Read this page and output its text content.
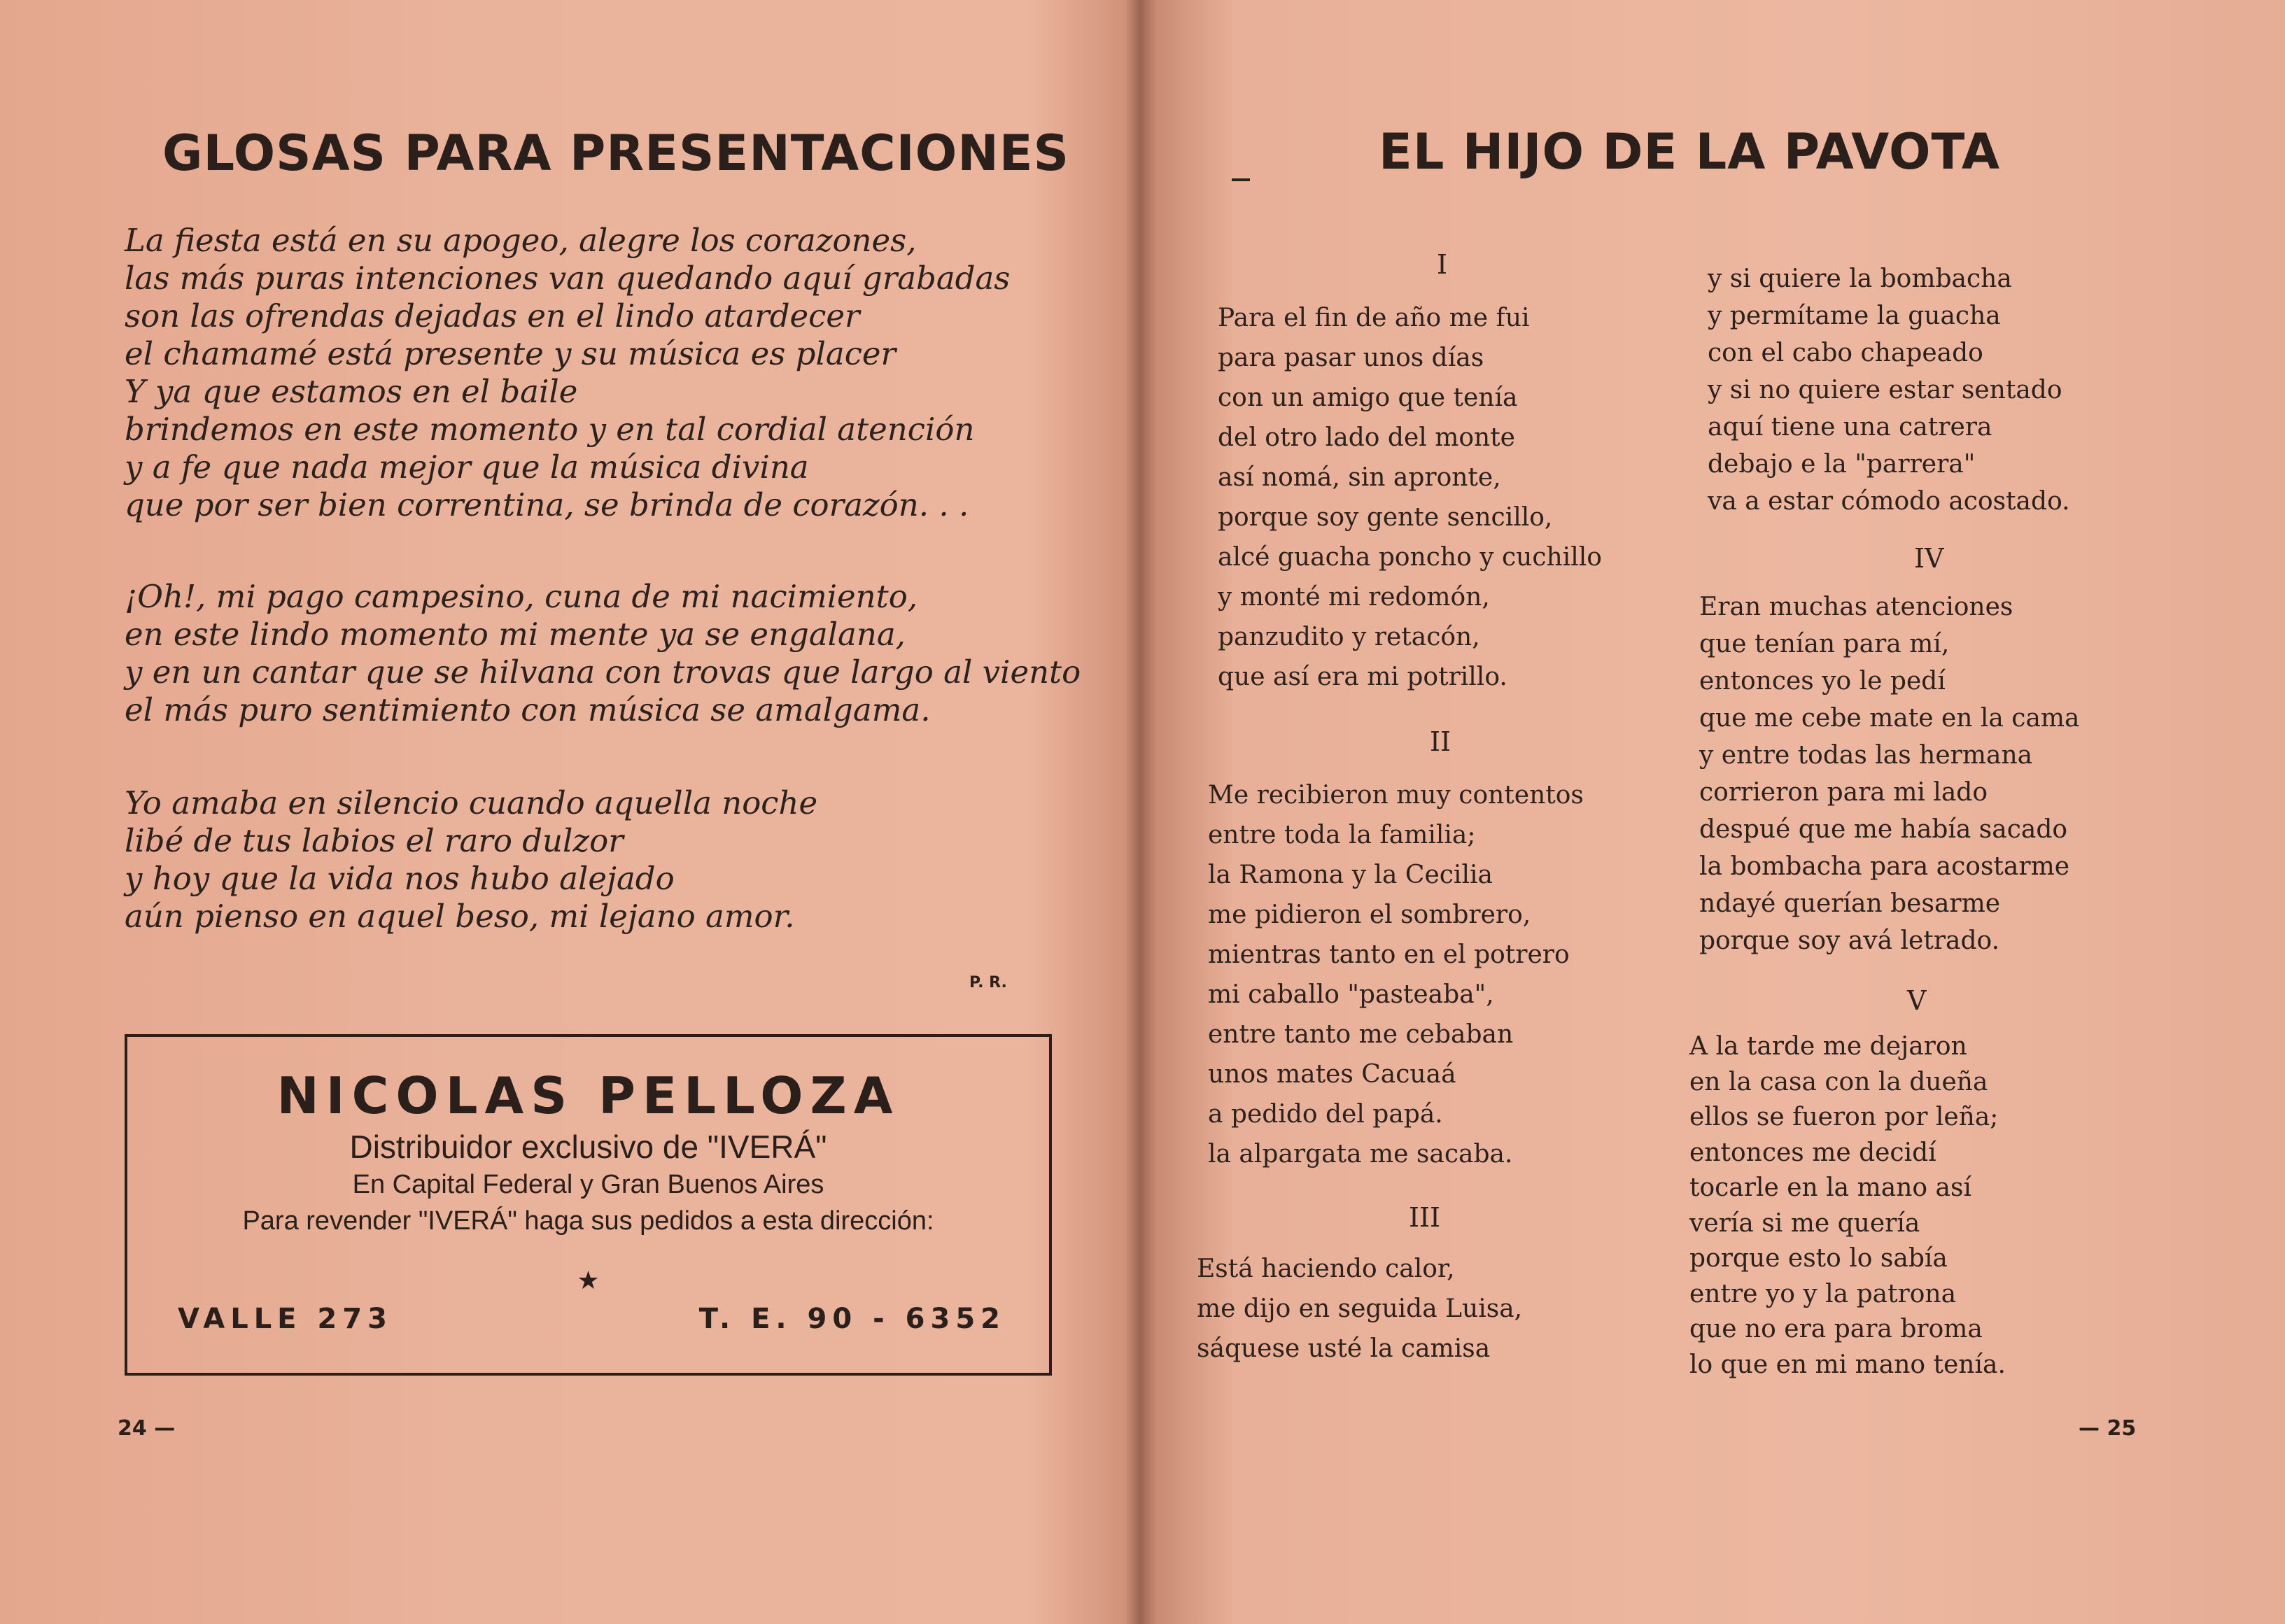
GLOSAS PARA PRESENTACIONES
La fiesta está en su apogeo, alegre los corazones,
las más puras intenciones van quedando aquí grabadas
son las ofrendas dejadas en el lindo atardecer
el chamamé está presente y su música es placer
Y ya que estamos en el baile
brindemos en este momento y en tal cordial atención
y a fe que nada mejor que la música divina
que por ser bien correntina, se brinda de corazón. . .
¡Oh!, mi pago campesino, cuna de mi nacimiento,
en este lindo momento mi mente ya se engalana,
y en un cantar que se hilvana con trovas que largo al viento
el más puro sentimiento con música se amalgama.
Yo amaba en silencio cuando aquella noche
libé de tus labios el raro dulzor
y hoy que la vida nos hubo alejado
aún pienso en aquel beso, mi lejano amor.
P. R.
NICOLAS PELLOZA
Distribuidor exclusivo de "IVERÁ"
En Capital Federal y Gran Buenos Aires
Para revender "IVERÁ" haga sus pedidos a esta dirección:
★
VALLE 273	T. E. 90 - 6352
24 —
EL HIJO DE LA PAVOTA
I
Para el fin de año me fui
para pasar unos días
con un amigo que tenía
del otro lado del monte
así nomá, sin apronte,
porque soy gente sencillo,
alcé guacha poncho y cuchillo
y monté mi redomón,
panzudito y retacón,
que así era mi potrillo.
II
Me recibieron muy contentos
entre toda la familia;
la Ramona y la Cecilia
me pidieron el sombrero,
mientras tanto en el potrero
mi caballo "pasteaba",
entre tanto me cebaban
unos mates Cacuaá
a pedido del papá.
la alpargata me sacaba.
III
Está haciendo calor,
me dijo en seguida Luisa,
sáquese usté la camisa
y si quiere la bombacha
y permítame la guacha
con el cabo chapeado
y si no quiere estar sentado
aquí tiene una catrera
debajo e la "parrera"
va a estar cómodo acostado.
IV
Eran muchas atenciones
que tenían para mí,
entonces yo le pedí
que me cebe mate en la cama
y entre todas las hermana
corrieron para mi lado
despué que me había sacado
la bombacha para acostarme
ndayé querían besarme
porque soy avá letrado.
V
A la tarde me dejaron
en la casa con la dueña
ellos se fueron por leña;
entonces me decidí
tocarle en la mano así
vería si me quería
porque esto lo sabía
entre yo y la patrona
que no era para broma
lo que en mi mano tenía.
— 25
